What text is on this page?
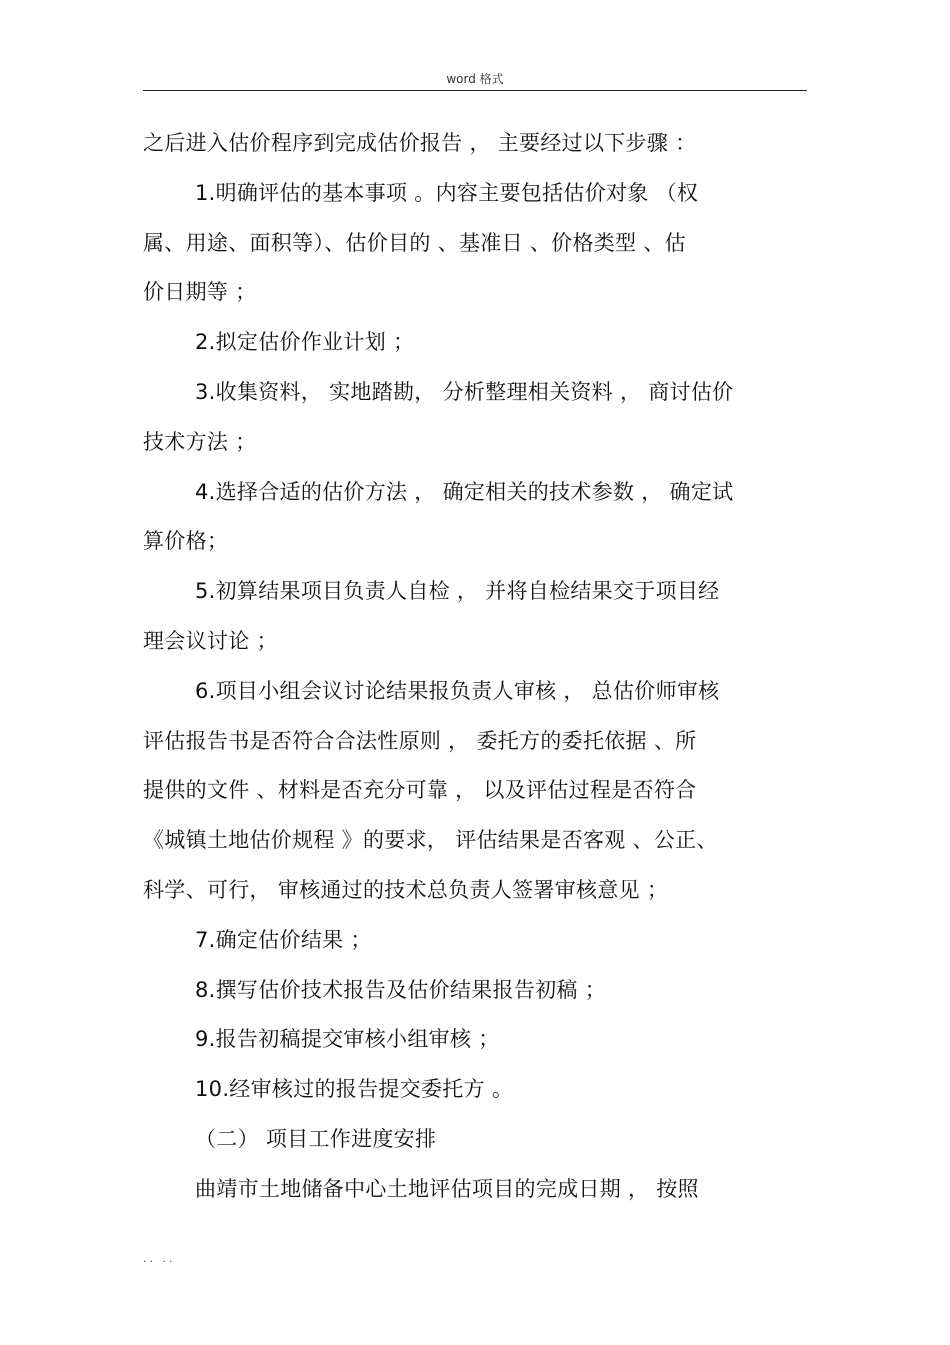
word 格式
之后进入估价程序到完成估价报告 ， 主要经过以下步骤 ：
1.明确评估的基本事项 。内容主要包括估价对象 （权
属、用途、面积等）、估价目的 、基准日 、价格类型 、估
价日期等 ；
2.拟定估价作业计划 ；
3.收集资料， 实地踏勘， 分析整理相关资料 ， 商讨估价
技术方法 ；
4.选择合适的估价方法 ， 确定相关的技术参数 ， 确定试
算价格；
5.初算结果项目负责人自检 ， 并将自检结果交于项目经
理会议讨论 ；
6.项目小组会议讨论结果报负责人审核 ， 总估价师审核
评估报告书是否符合合法性原则 ， 委托方的委托依据 、所
提供的文件 、材料是否充分可靠 ， 以及评估过程是否符合
《城镇土地估价规程 》的要求， 评估结果是否客观 、公正、
科学、可行， 审核通过的技术总负责人签署审核意见 ；
7.确定估价结果 ；
8.撰写估价技术报告及估价结果报告初稿 ；
9.报告初稿提交审核小组审核 ；
10.经审核过的报告提交委托方 。
（二） 项目工作进度安排
曲靖市土地储备中心土地评估项目的完成日期 ， 按照
.. ..
